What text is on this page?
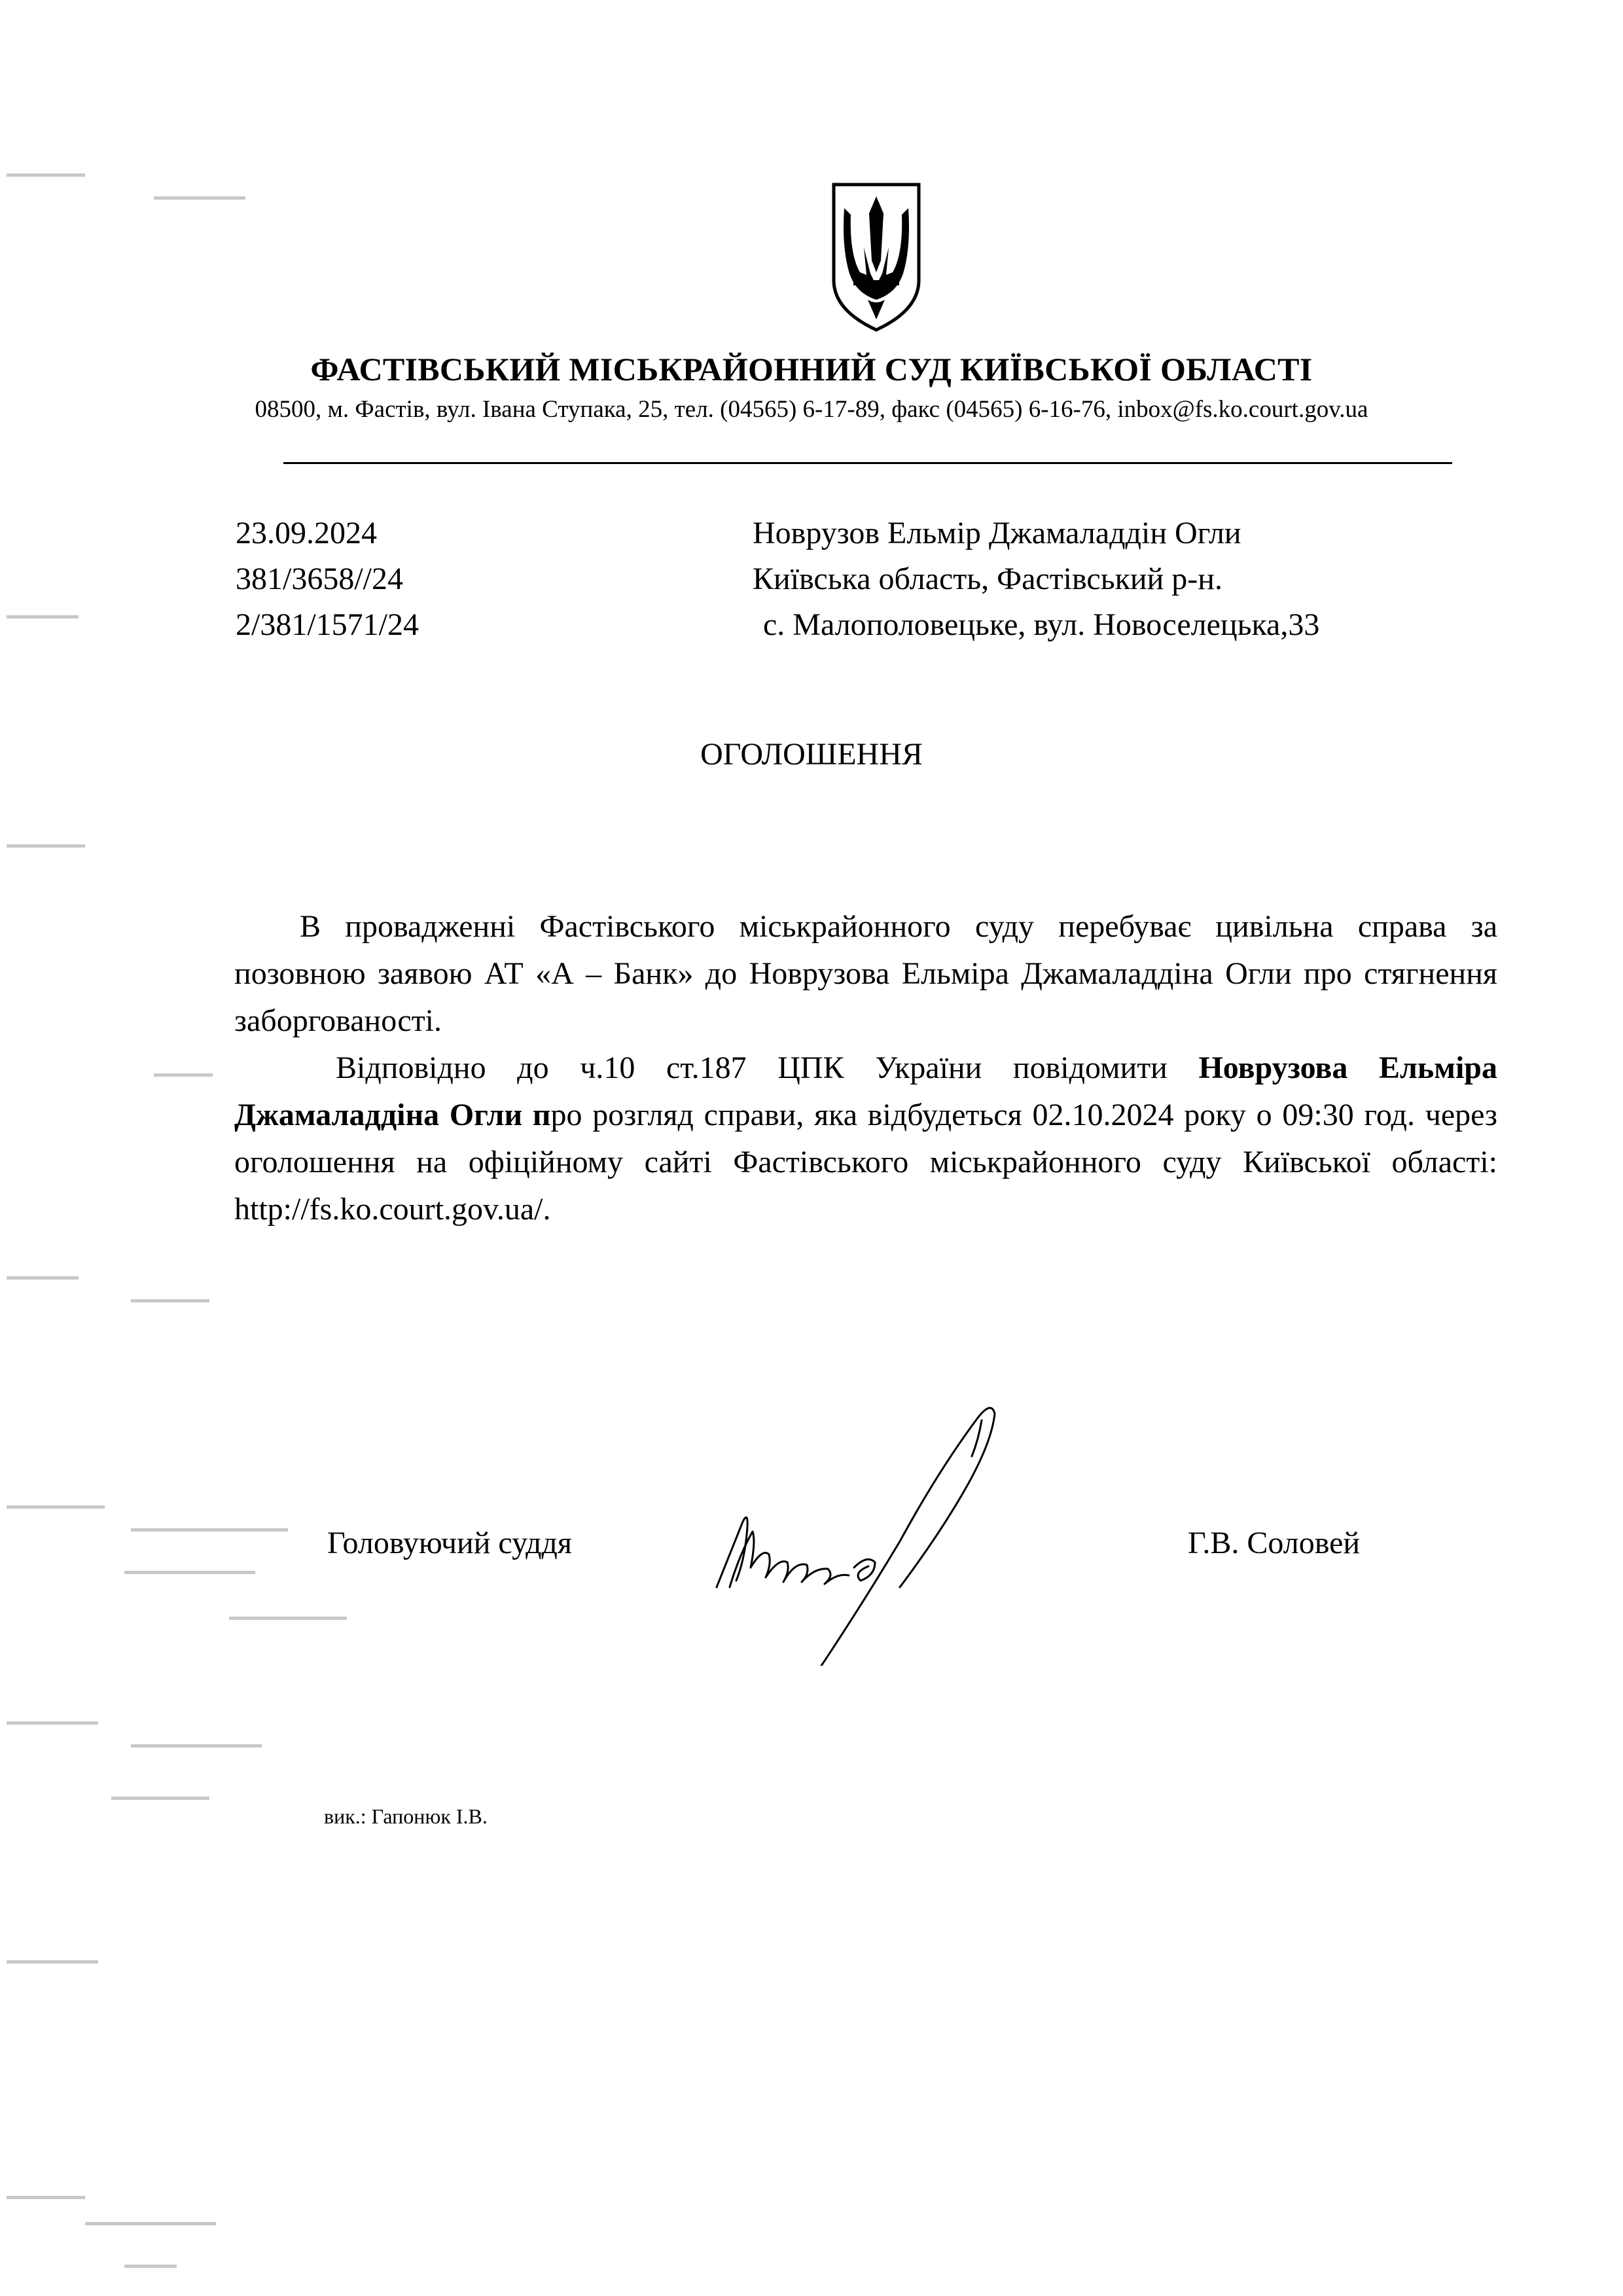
ФАСТІВСЬКИЙ МІСЬКРАЙОННИЙ СУД КИЇВСЬКОЇ ОБЛАСТІ
08500, м. Фастів, вул. Івана Ступака, 25, тел. (04565) 6-17-89, факс (04565) 6-16-76, inbox@fs.ko.court.gov.ua
23.09.2024
381/3658//24
2/381/1571/24
Новрузов Ельмір Джамаладдін Огли
Київська область, Фастівський р-н.
с. Малополовецьке, вул. Новоселецька,33
ОГОЛОШЕННЯ

В провадженні Фастівського міськрайонного суду перебуває цивільна справа за позовною заявою АТ «А – Банк» до Новрузова Ельміра Джамаладдіна Огли про стягнення заборгованості.

Відповідно до ч.10 ст.187 ЦПК України повідомити Новрузова Ельміра Джамаладдіна Огли про розгляд справи, яка відбудеться 02.10.2024 року о 09:30 год. через оголошення на офіційному сайті Фастівського міськрайонного суду Київської області: http://fs.ko.court.gov.ua/.

Головуючий суддя	Г.В. Соловей
вик.: Гапонюк І.В.
